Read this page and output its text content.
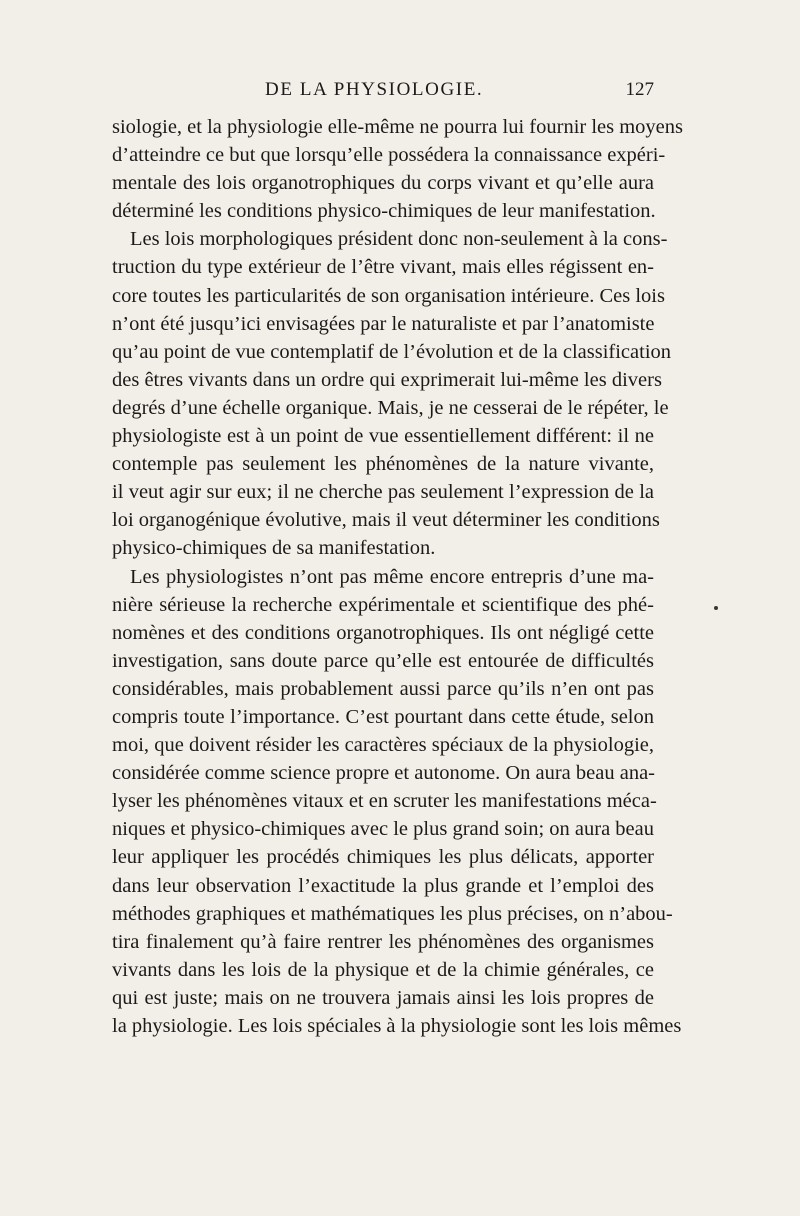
DE LA PHYSIOLOGIE.	127
siologie, et la physiologie elle-même ne pourra lui fournir les moyens
d’atteindre ce but que lorsqu’elle possédera la connaissance expéri-
mentale des lois organotrophiques du corps vivant et qu’elle aura
déterminé les conditions physico-chimiques de leur manifestation.
Les lois morphologiques président donc non-seulement à la cons-
truction du type extérieur de l’être vivant, mais elles régissent en-
core toutes les particularités de son organisation intérieure. Ces lois
n’ont été jusqu’ici envisagées par le naturaliste et par l’anatomiste
qu’au point de vue contemplatif de l’évolution et de la classification
des êtres vivants dans un ordre qui exprimerait lui-même les divers
degrés d’une échelle organique. Mais, je ne cesserai de le répéter, le
physiologiste est à un point de vue essentiellement différent: il ne
contemple pas seulement les phénomènes de la nature vivante,
il veut agir sur eux; il ne cherche pas seulement l’expression de la
loi organogénique évolutive, mais il veut déterminer les conditions
physico-chimiques de sa manifestation.
Les physiologistes n’ont pas même encore entrepris d’une ma-
nière sérieuse la recherche expérimentale et scientifique des phé-
nomènes et des conditions organotrophiques. Ils ont négligé cette
investigation, sans doute parce qu’elle est entourée de difficultés
considérables, mais probablement aussi parce qu’ils n’en ont pas
compris toute l’importance. C’est pourtant dans cette étude, selon
moi, que doivent résider les caractères spéciaux de la physiologie,
considérée comme science propre et autonome. On aura beau ana-
lyser les phénomènes vitaux et en scruter les manifestations méca-
niques et physico-chimiques avec le plus grand soin; on aura beau
leur appliquer les procédés chimiques les plus délicats, apporter
dans leur observation l’exactitude la plus grande et l’emploi des
méthodes graphiques et mathématiques les plus précises, on n’abou-
tira finalement qu’à faire rentrer les phénomènes des organismes
vivants dans les lois de la physique et de la chimie générales, ce
qui est juste; mais on ne trouvera jamais ainsi les lois propres de
la physiologie. Les lois spéciales à la physiologie sont les lois mêmes
